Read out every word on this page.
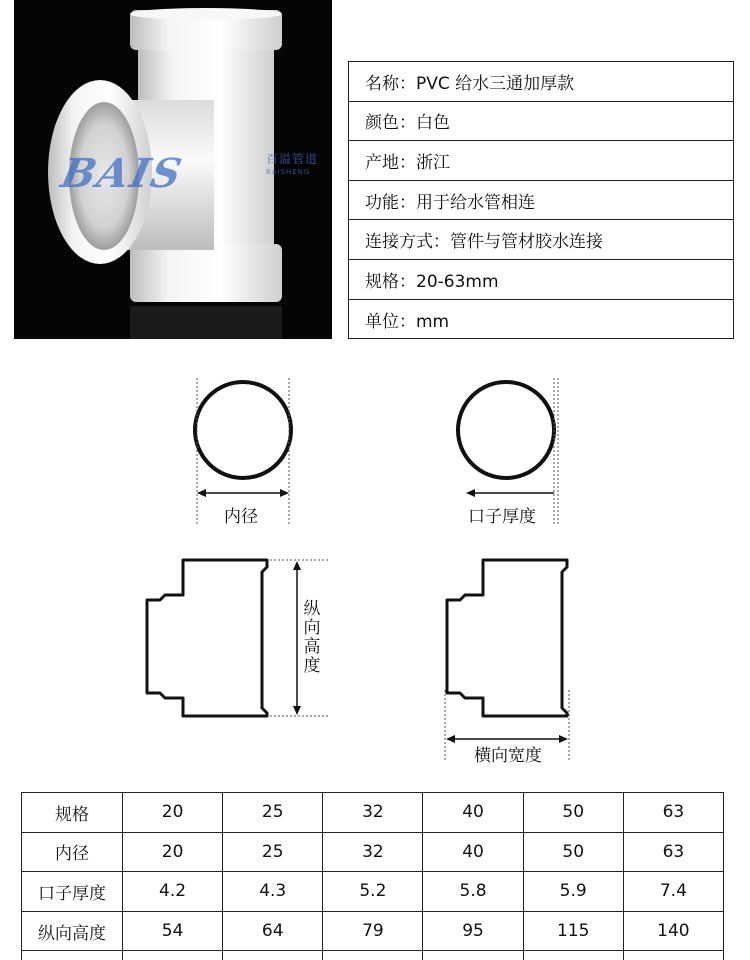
BAIS	百溢管道
BAISHENG
名称：PVC 给水三通加厚款
颜色：白色
产地：浙江
功能：用于给水管相连
连接方式：管件与管材胶水连接
规格：20-63mm
单位：mm
内径	口子厚度
纵向高度
横向宽度
规格	20	25	32	40	50	63
内径	20	25	32	40	50	63
口子厚度	4.2	4.3	5.2	5.8	5.9	7.4
纵向高度	54	64	79	95	115	140
